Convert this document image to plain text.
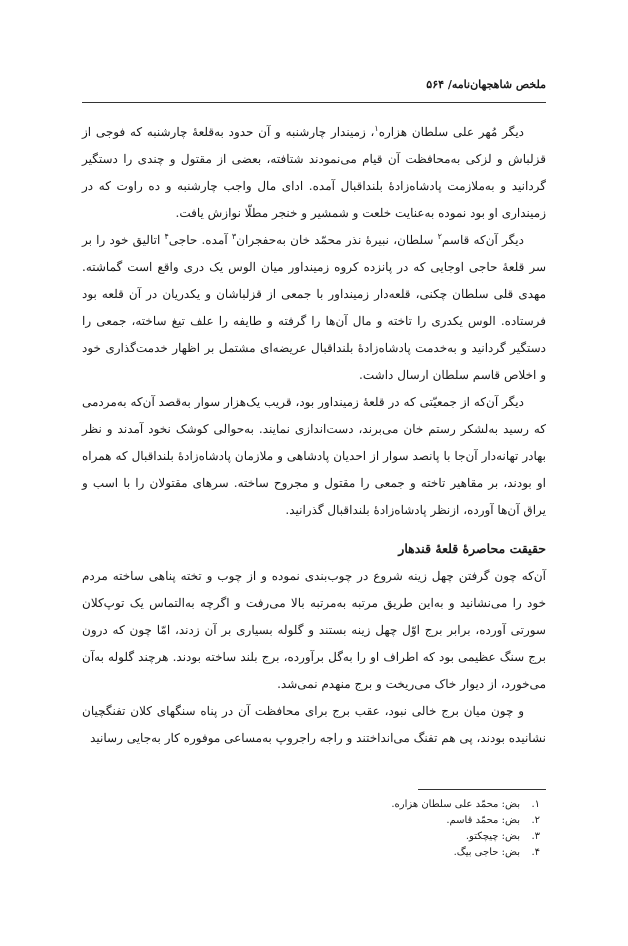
ملخص شاهجهان‌نامه/ ۵۶۴

دیگر مُهر علی سلطان هزاره$^۱$، زمیندار چارشنبه و آن حدود به‌قلعۀ چارشنبه که فوجی از قزلباش و لزکی به‌محافظت آن قیام می‌نمودند شتافته، بعضی از مقتول و چندی را دستگیر گردانید و به‌ملازمت پادشاه‌زادۀ بلنداقبال آمده. ادای مال واجب چارشنبه و ده راوت که در زمینداری او بود نموده به‌عنایت خلعت و شمشیر و خنجر مطلّا نوازش یافت.

دیگر آن‌که قاسم$^۲$ سلطان، نبیرۀ نذر محمّد خان به‌حفجران$^۳$ آمده. حاجی$^۴$ اتالیق خود را بر سر قلعۀ حاجی اوجایی که در پانزده کروه زمینداور میان الوس یک دری واقع است گماشته. مهدی قلی سلطان چکنی، قلعه‌دار زمینداور با جمعی از قزلباشان و یکدریان در آن قلعه بود فرستاده. الوس یکدری را تاخته و مال آن‌ها را گرفته و طایفه را علف تیغ ساخته، جمعی را دستگیر گردانید و به‌خدمت پادشاه‌زادۀ بلنداقبال عریضه‌ای مشتمل بر اظهار خدمت‌گذاری خود و اخلاص قاسم سلطان ارسال داشت.

دیگر آن‌که از جمعیّتی که در قلعۀ زمینداور بود، قریب یک‌هزار سوار به‌قصد آن‌که به‌مردمی که رسید به‌لشکر رستم خان می‌برند، دست‌اندازی نمایند. به‌حوالی کوشک نخود آمدند و نظر بهادر تهانه‌دار آن‌جا با پانصد سوار از احدیان پادشاهی و ملازمان پادشاه‌زادۀ بلنداقبال که همراه او بودند، بر مقاهیر تاخته و جمعی را مقتول و مجروح ساخته. سرهای مقتولان را با اسب و یراق آن‌ها آورده، ازنظر پادشاه‌زادۀ بلنداقبال گذرانید.

حقیقت محاصرۀ قلعۀ قندهار

آن‌که چون گرفتن چهل زینه شروع در چوب‌بندی نموده و از چوب و تخته پناهی ساخته مردم خود را می‌نشانید و به‌این طریق مرتبه به‌مرتبه بالا می‌رفت و اگرچه به‌التماس یک توپ‌کلان سورتی آورده، برابر برج اوّل چهل زینه بستند و گلوله بسیاری بر آن زدند، امّا چون که درون برج سنگ عظیمی بود که اطراف او را به‌گل برآورده، برج بلند ساخته بودند. هرچند گلوله به‌آن می‌خورد، از دیوار خاک می‌ریخت و برج منهدم نمی‌شد.

و چون میان برج خالی نبود، عقب برج برای محافظت آن در پناه سنگهای کلان تفنگچیان نشانیده بودند، پی هم تفنگ می‌انداختند و راجه راجروپ به‌مساعی موفوره کار به‌جایی رسانید

۱.
بض: محمّد علی سلطان هزاره.
۲.
بض: محمّد قاسم.
۳.
بض: چیچکتو.
۴.
بض: حاجی بیگ.
